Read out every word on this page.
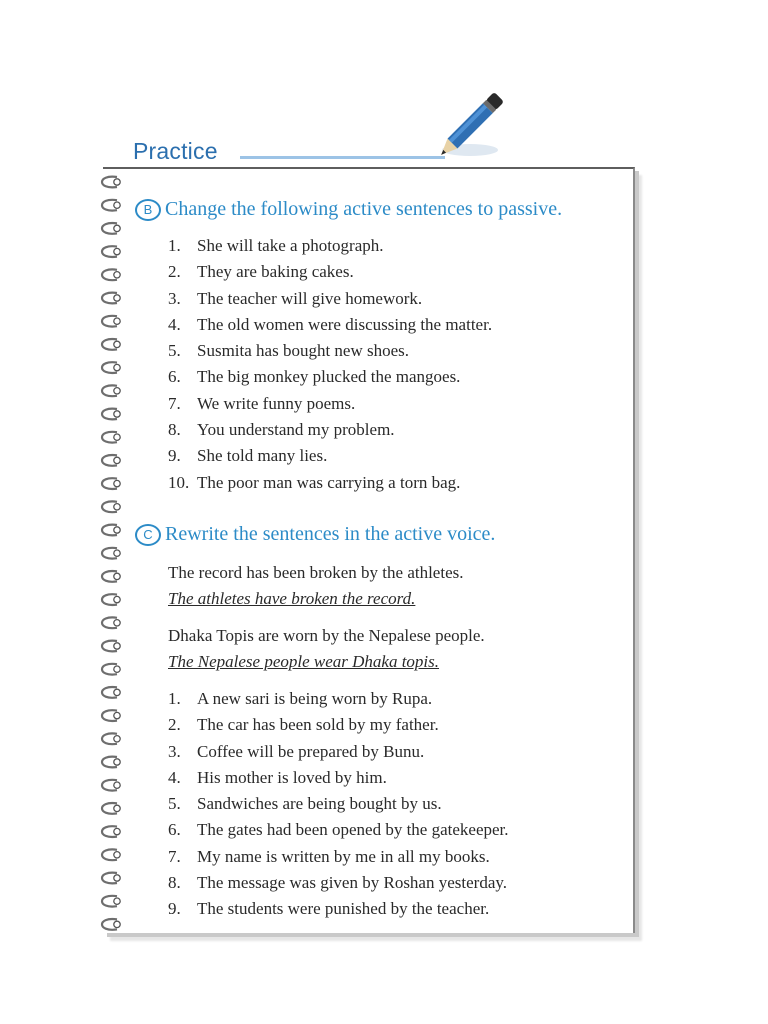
Practice
B Change the following active sentences to passive.
1. She will take a photograph.
2. They are baking cakes.
3. The teacher will give homework.
4. The old women were discussing the matter.
5. Susmita has bought new shoes.
6. The big monkey plucked the mangoes.
7. We write funny poems.
8. You understand my problem.
9. She told many lies.
10. The poor man was carrying a torn bag.
C Rewrite the sentences in the active voice.
The record has been broken by the athletes.
The athletes have broken the record.
Dhaka Topis are worn by the Nepalese people.
The Nepalese people wear Dhaka topis.
1. A new sari is being worn by Rupa.
2. The car has been sold by my father.
3. Coffee will be prepared by Bunu.
4. His mother is loved by him.
5. Sandwiches are being bought by us.
6. The gates had been opened by the gatekeeper.
7. My name is written by me in all my books.
8. The message was given by Roshan yesterday.
9. The students were punished by the teacher.
